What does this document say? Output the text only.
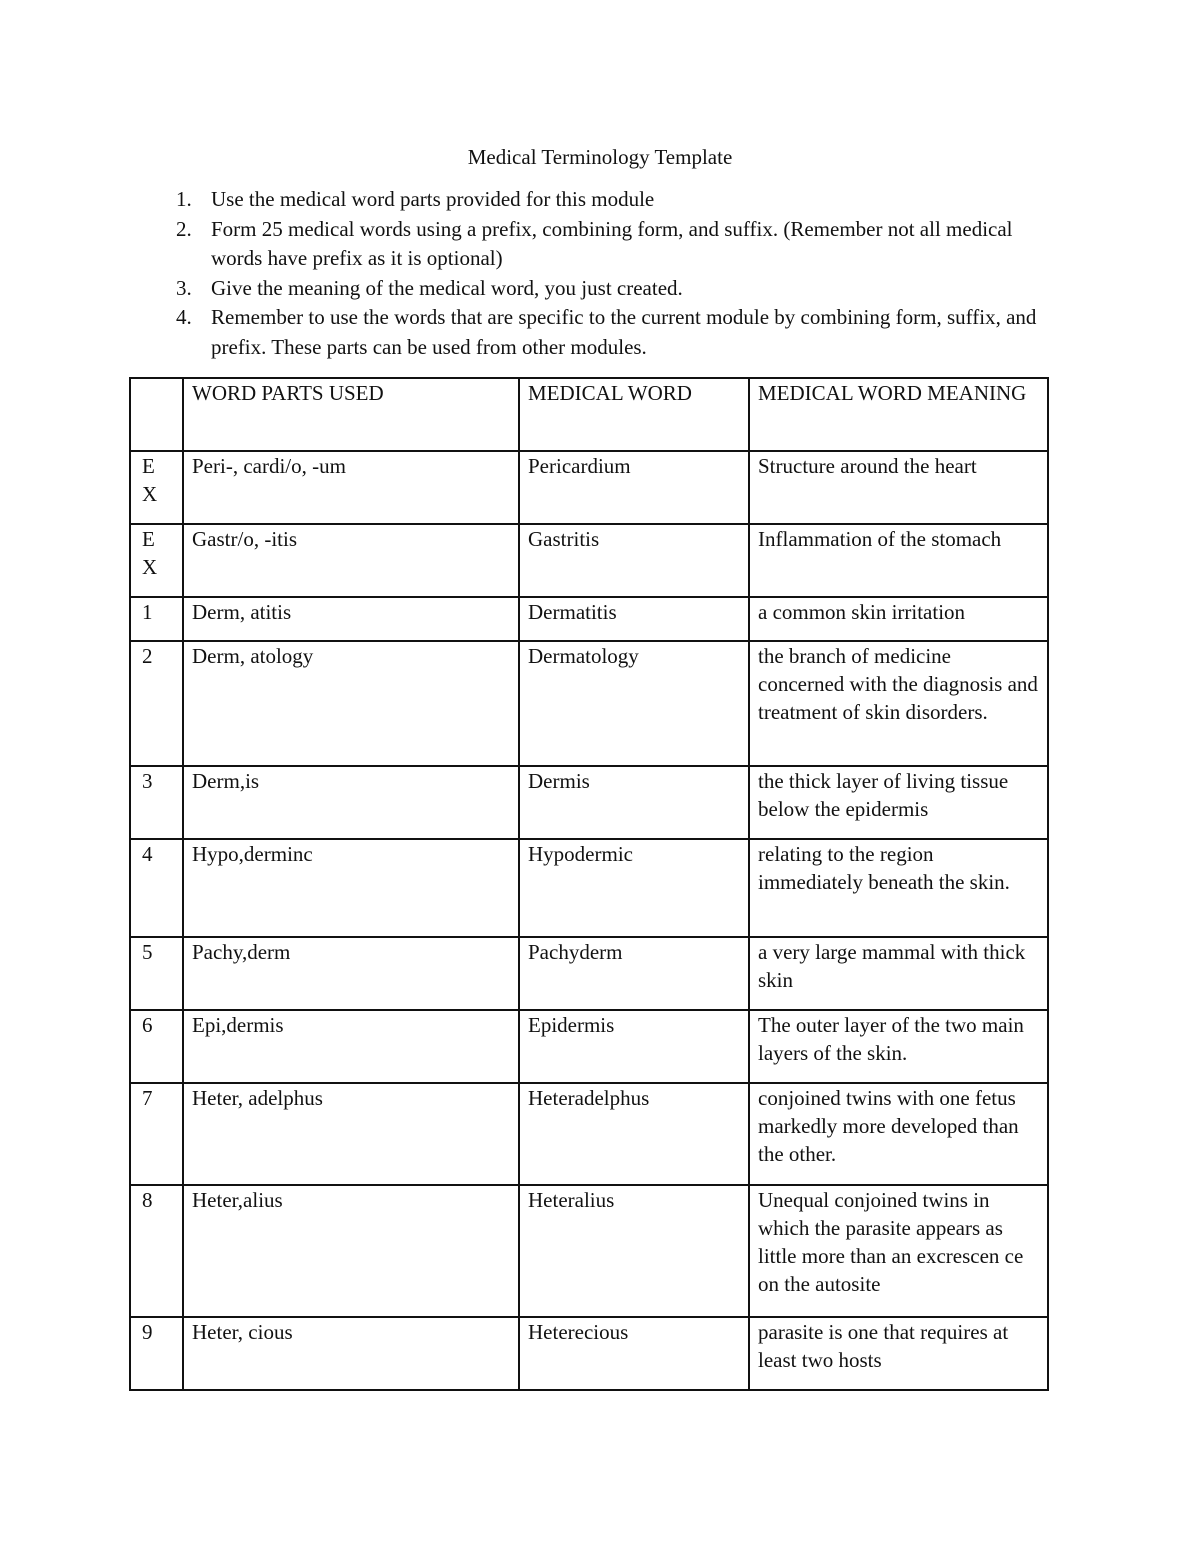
Medical Terminology Template
1. Use the medical word parts provided for this module
2. Form 25 medical words using a prefix, combining form, and suffix. (Remember not all medical words have prefix as it is optional)
3. Give the meaning of the medical word, you just created.
4. Remember to use the words that are specific to the current module by combining form, suffix, and prefix. These parts can be used from other modules.
	WORD PARTS USED	MEDICAL WORD	MEDICAL WORD MEANING

E
X	Peri-, cardi/o, -um	Pericardium	Structure around the heart

E
X	Gastr/o, -itis	Gastritis	Inflammation of the stomach
1	Derm, atitis	Dermatitis	a common skin irritation
2	Derm, atology	Dermatology	the branch of medicine concerned with the diagnosis and treatment of skin disorders.
3	Derm,is	Dermis	the thick layer of living tissue below the epidermis
4	Hypo,derminc	Hypodermic	relating to the region immediately beneath the skin.
5	Pachy,derm	Pachyderm	a very large mammal with thick skin
6	Epi,dermis	Epidermis	The outer layer of the two main layers of the skin.
7	Heter, adelphus	Heteradelphus	conjoined twins with one fetus markedly more developed than the other.
8	Heter,alius	Heteralius	Unequal conjoined twins in which the parasite appears as little more than an excrescen ce on the autosite
9	Heter, cious	Heterecious	parasite is one that requires at least two hosts
